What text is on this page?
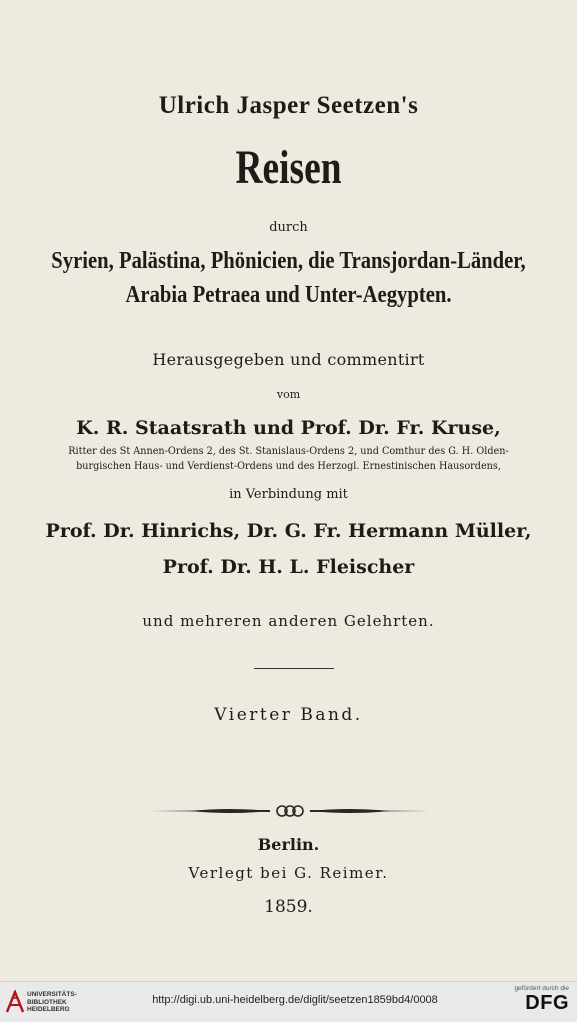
Ulrich Jasper Seetzen's
Reisen
durch
Syrien, Palästina, Phönicien, die Transjordan-Länder,
Arabia Petraea und Unter-Aegypten.
Herausgegeben und commentirt
vom
K. R. Staatsrath und Prof. Dr. Fr. Kruse,
Ritter des St Annen-Ordens 2, des St. Stanislaus-Ordens 2, und Comthur des G. H. Olden-
burgischen Haus- und Verdienst-Ordens und des Herzogl. Ernestinischen Hausordens,
in Verbindung mit
Prof. Dr. Hinrichs, Dr. G. Fr. Hermann Müller,
Prof. Dr. H. L. Fleischer
und mehreren anderen Gelehrten.
Vierter Band.
Berlin.
Verlegt bei G. Reimer.
1859.
UNIVERSITÄTS-
BIBLIOTHEK
HEIDELBERG
http://digi.ub.uni-heidelberg.de/diglit/seetzen1859bd4/0008
gefördert durch die
DFG
